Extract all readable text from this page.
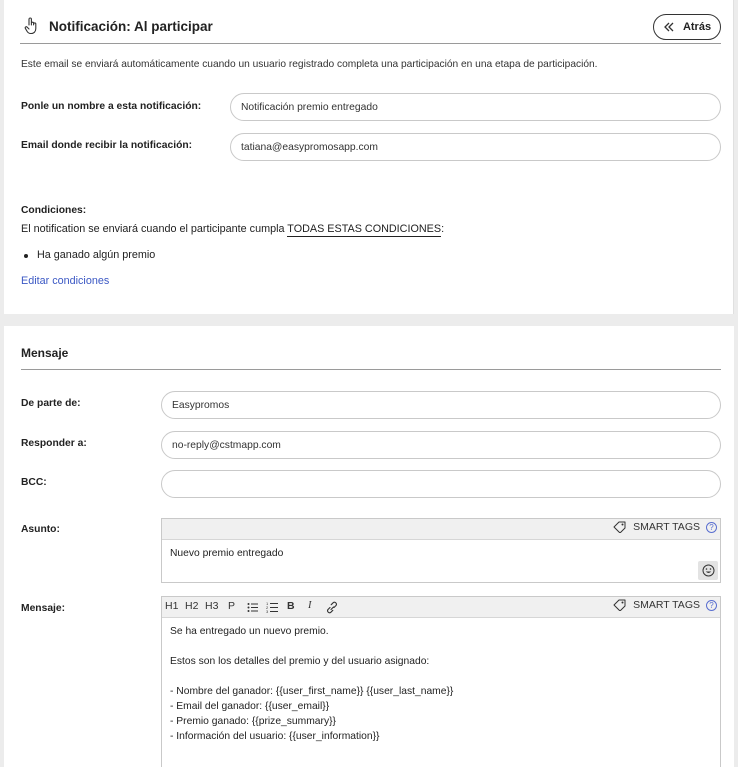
Notificación: Al participar	Atrás
Este email se enviará automáticamente cuando un usuario registrado completa una participación en una etapa de participación.
Ponle un nombre a esta notificación:	Notificación premio entregado
Email donde recibir la notificación:	tatiana@easypromosapp.com
Condiciones:
El notification se enviará cuando el participante cumpla TODAS ESTAS CONDICIONES:
Ha ganado algún premio
Editar condiciones
Mensaje
De parte de:	Easypromos
Responder a:	no-reply@cstmapp.com
BCC:
Asunto:	SMART TAGS	?
Nuevo premio entregado
Mensaje:	H1 H2 H3 P	1
2
3 B I	SMART TAGS	?
Se ha entregado un nuevo premio.
Estos son los detalles del premio y del usuario asignado:
- Nombre del ganador: {{user_first_name}} {{user_last_name}}
- Email del ganador: {{user_email}}
- Premio ganado: {{prize_summary}}
- Información del usuario: {{user_information}}
